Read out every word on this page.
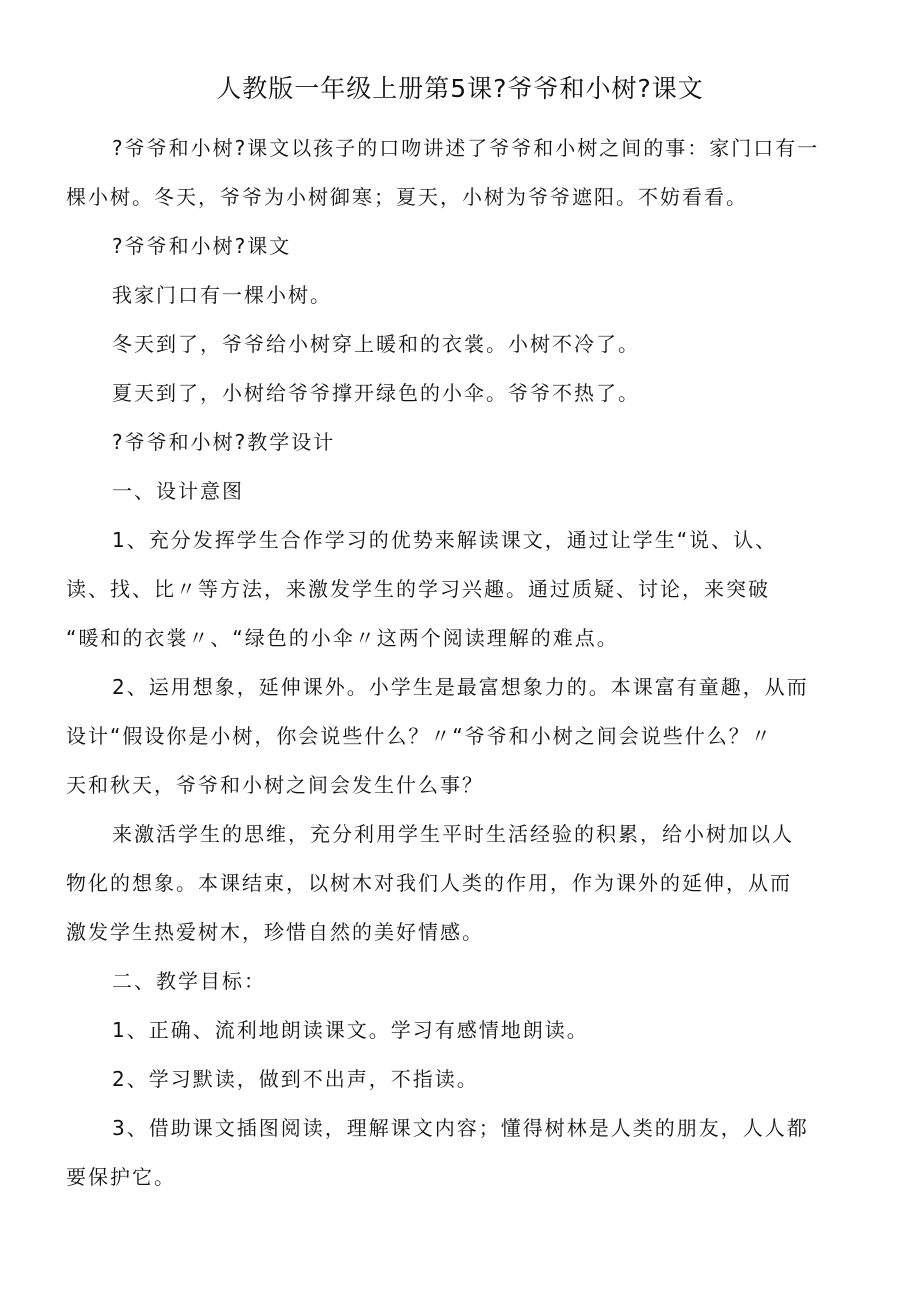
人教版一年级上册第5课?爷爷和小树?课文

?爷爷和小树?课文以孩子的口吻讲述了爷爷和小树之间的事：家门口有一
棵小树。冬天，爷爷为小树御寒；夏天，小树为爷爷遮阳。不妨看看。

?爷爷和小树?课文

我家门口有一棵小树。

冬天到了，爷爷给小树穿上暖和的衣裳。小树不冷了。

夏天到了，小树给爷爷撑开绿色的小伞。爷爷不热了。

?爷爷和小树?教学设计

一、设计意图

1、充分发挥学生合作学习的优势来解读课文，通过让学生“说、认、
读、找、比〃等方法，来激发学生的学习兴趣。通过质疑、讨论，来突破
“暖和的衣裳〃、“绿色的小伞〃这两个阅读理解的难点。

2、运用想象，延伸课外。小学生是最富想象力的。本课富有童趣，从而
设计“假设你是小树，你会说些什么？〃“爷爷和小树之间会说些什么？〃
天和秋天，爷爷和小树之间会发生什么事？

来激活学生的思维，充分利用学生平时生活经验的积累，给小树加以人
物化的想象。本课结束，以树木对我们人类的作用，作为课外的延伸，从而
激发学生热爱树木，珍惜自然的美好情感。

二、教学目标：

1、正确、流利地朗读课文。学习有感情地朗读。

2、学习默读，做到不出声，不指读。

3、借助课文插图阅读，理解课文内容；懂得树林是人类的朋友，人人都
要保护它。
